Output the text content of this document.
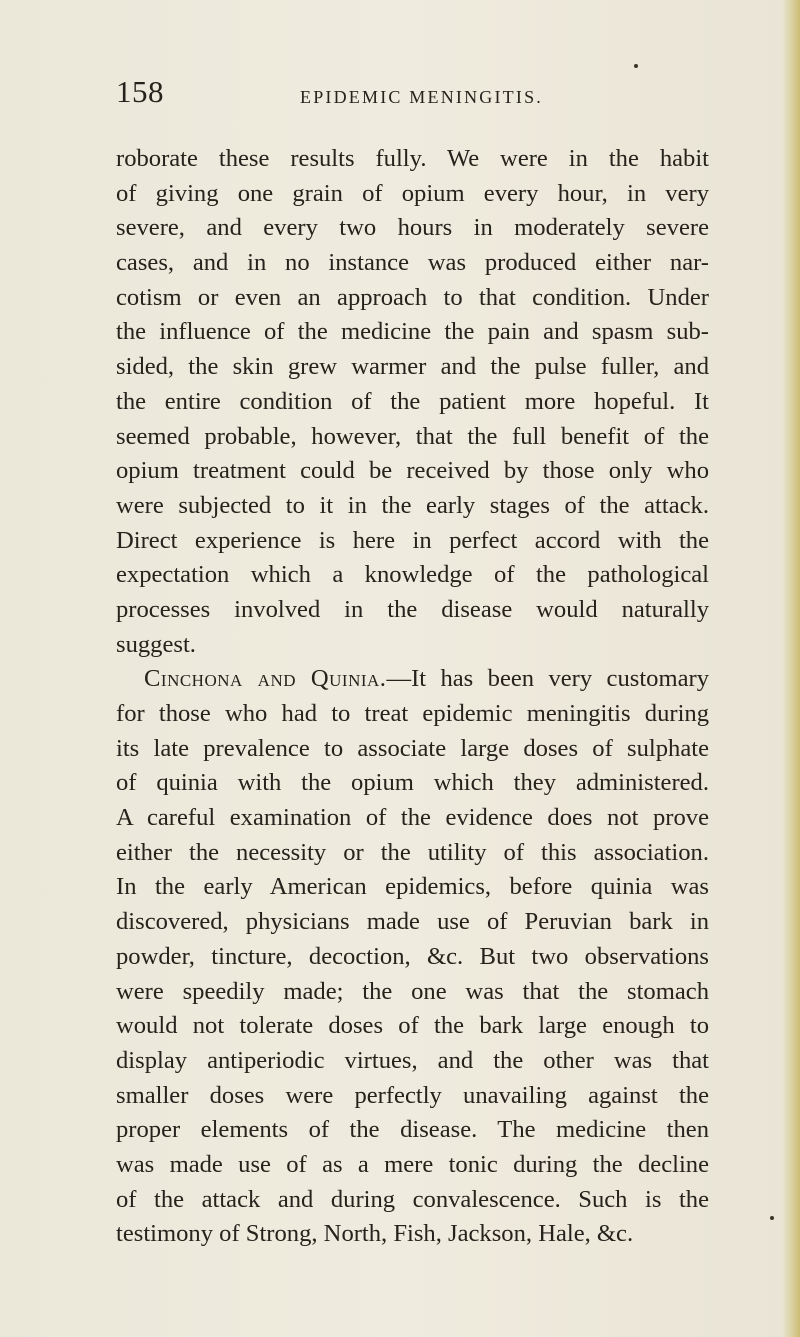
158	EPIDEMIC MENINGITIS.
roborate these results fully. We were in the habit
of giving one grain of opium every hour, in very
severe, and every two hours in moderately severe
cases, and in no instance was produced either nar-
cotism or even an approach to that condition. Under
the influence of the medicine the pain and spasm sub-
sided, the skin grew warmer and the pulse fuller, and
the entire condition of the patient more hopeful. It
seemed probable, however, that the full benefit of the
opium treatment could be received by those only who
were subjected to it in the early stages of the attack.
Direct experience is here in perfect accord with the
expectation which a knowledge of the pathological
processes involved in the disease would naturally
suggest.
Cinchona and Quinia.—It has been very customary
for those who had to treat epidemic meningitis during
its late prevalence to associate large doses of sulphate
of quinia with the opium which they administered.
A careful examination of the evidence does not prove
either the necessity or the utility of this association.
In the early American epidemics, before quinia was
discovered, physicians made use of Peruvian bark in
powder, tincture, decoction, &c. But two observations
were speedily made; the one was that the stomach
would not tolerate doses of the bark large enough to
display antiperiodic virtues, and the other was that
smaller doses were perfectly unavailing against the
proper elements of the disease. The medicine then
was made use of as a mere tonic during the decline
of the attack and during convalescence. Such is the
testimony of Strong, North, Fish, Jackson, Hale, &c.
